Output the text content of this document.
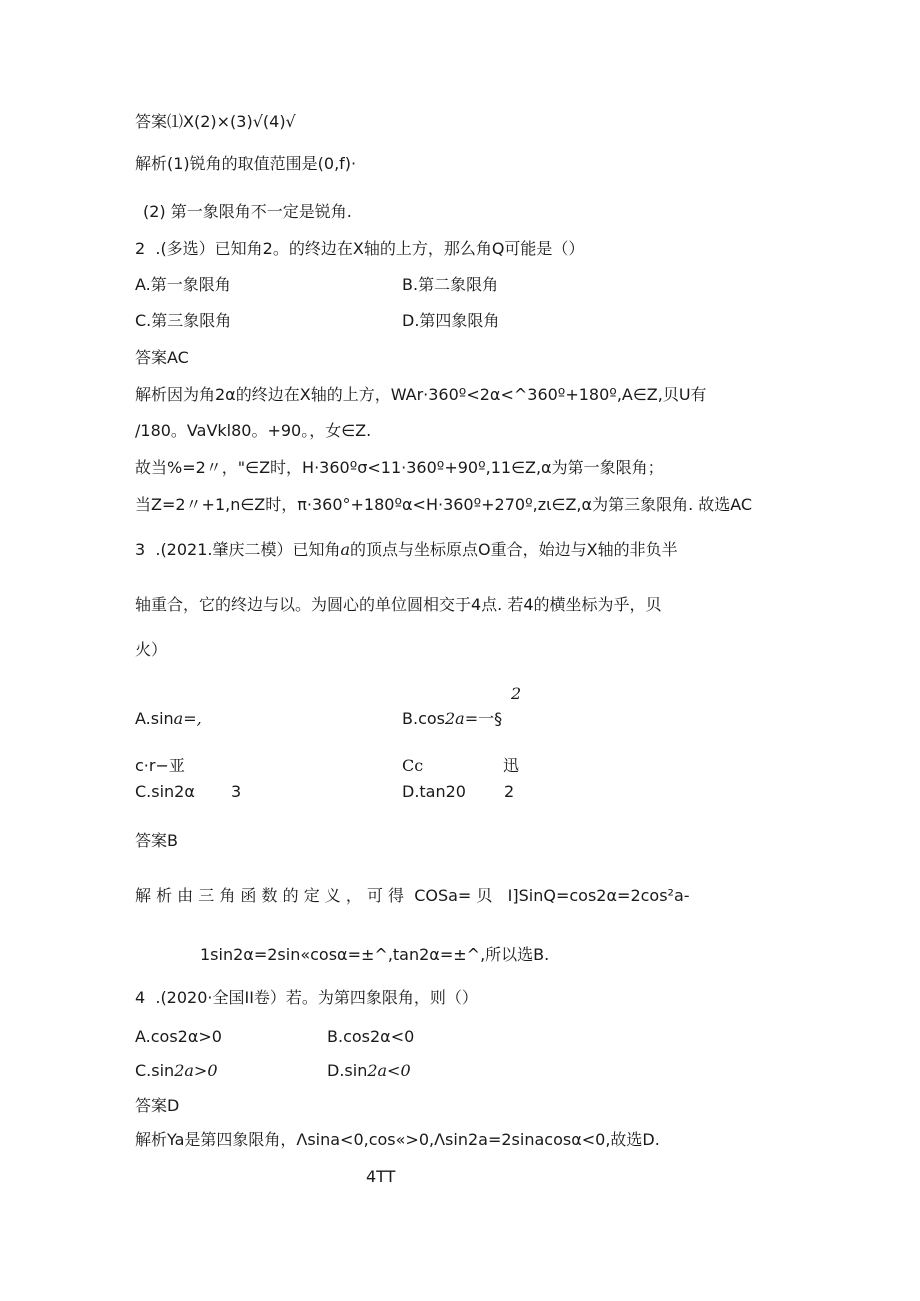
答案⑴X(2)×(3)√(4)√
解析(1)锐角的取值范围是(0,f)·
(2) 第一象限角不一定是锐角.
2  .(多选）已知角2。的终边在X轴的上方，那么角Q可能是（）
A.第一象限角	B.第二象限角
C.第三象限角	D.第四象限角
答案AC
解析因为角2α的终边在X轴的上方，WAr·360º<2α<^360º+180º,A∈Z,贝U有
/180。VaVkl80。+90。，女∈Z.
故当%=2〃，"∈Z时，H·360ºσ<11·360º+90º,11∈Z,α为第一象限角；
当Z=2〃+1,n∈Z时，π·360°+180ºα<H·360º+270º,zι∈Z,α为第三象限角. 故选AC
3  .(2021.肇庆二模）已知角a的顶点与坐标原点O重合，始边与X轴的非负半
轴重合，它的终边与以。为圆心的单位圆相交于4点. 若4的横坐标为乎，贝
火）
2
A.sina=,	B.cos2a=一§
c·r−亚	Cc	迅
C.sin2α 3	D.tan20 2
答案B
解 析 由 三 角 函 数 的 定 义 ， 可 得  COSa= 贝   I]SinQ=cos2α=2cos²a-
1sin2α=2sin«cosα=±^,tan2α=±^,所以选B.
4  .(2020·全国II卷）若。为第四象限角，则（）
A.cos2α>0	B.cos2α<0
C.sin2a>0	D.sin2a<0
答案D
解析Ya是第四象限角，Λsina<0,cos«>0,Λsin2a=2sinacosα<0,故选D.
4TT
